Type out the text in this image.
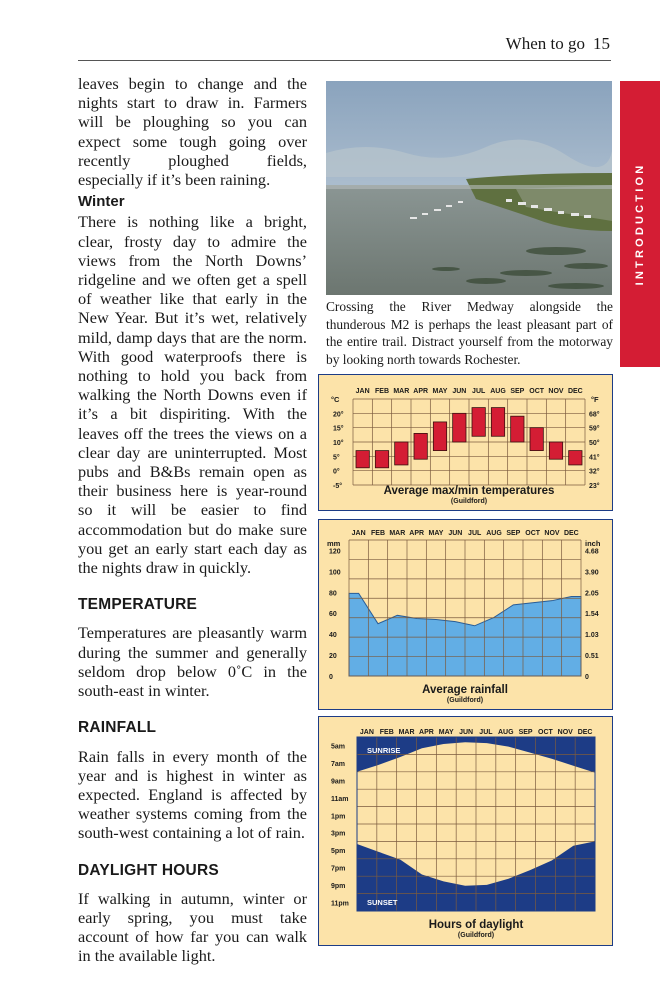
When to go 15
INTRODUCTION

leaves begin to change and the nights start to draw in. Farmers will be ploughing so you can expect some tough going over recently ploughed fields, especially if it’s been raining.

Winter

There is nothing like a bright, clear, frosty day to admire the views from the North Downs’ ridgeline and we often get a spell of weather like that early in the New Year. But it’s wet, relatively mild, damp days that are the norm. With good waterproofs there is nothing to hold you back from walking the North Downs even if it’s a bit dispiriting. With the leaves off the trees the views on a clear day are uninterrupted. Most pubs and B&Bs remain open as their business here is year-round so it will be easier to find accommodation but do make sure you get an early start each day as the nights draw in quickly.

TEMPERATURE

Temperatures are pleasantly warm during the summer and generally seldom drop below 0˚C in the south-east in winter.

RAINFALL

Rain falls in every month of the year and is highest in winter as expected. England is affected by weather systems coming from the south-west containing a lot of rain.

DAYLIGHT HOURS

If walking in autumn, winter or early spring, you must take account of how far you can walk in the available light.

Crossing the River Medway alongside the thunderous M2 is perhaps the least pleasant part of the entire trail. Distract yourself from the motorway by looking north towards Rochester.
JAN FEB MAR APR MAY JUN JUL AUG SEP OCT NOV DEC
°C	°F
20°
15°
10°
5°
0°
-5°
68°
59°
50°
41°
32°
23°
Average max/min temperatures
(Guildford)
JAN FEB MAR APR MAY JUN JUL AUG SEP OCT NOV DEC
mm	inch
120
100
80
60
40
20
0
4.68
3.90
2.05
1.54
1.03
0.51
0
Average rainfall
(Guildford)
JAN FEB MAR APR MAY JUN JUL AUG SEP OCT NOV DEC
5am
7am
9am
11am
1pm
3pm
5pm
7pm
9pm
11pm
SUNRISE
SUNSET
Hours of daylight
(Guildford)
